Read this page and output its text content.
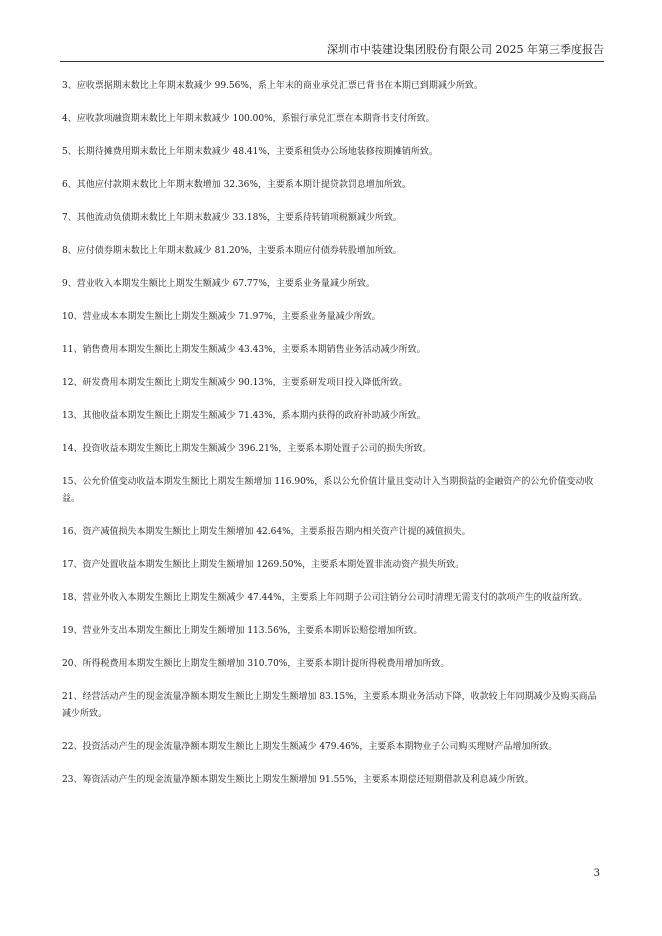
深圳市中装建设集团股份有限公司 2025 年第三季度报告

3、应收票据期末数比上年期末数减少 99.56%，系上年末的商业承兑汇票已背书在本期已到期减少所致。

4、应收款项融资期末数比上年期末数减少 100.00%，系银行承兑汇票在本期背书支付所致。

5、长期待摊费用期末数比上年期末数减少 48.41%，主要系租赁办公场地装修按期摊销所致。

6、其他应付款期末数比上年期末数增加 32.36%，主要系本期计提贷款罚息增加所致。

7、其他流动负债期末数比上年期末数减少 33.18%，主要系待转销项税额减少所致。

8、应付债券期末数比上年期末数减少 81.20%，主要系本期应付债券转股增加所致。

9、营业收入本期发生额比上期发生额减少 67.77%，主要系业务量减少所致。

10、营业成本本期发生额比上期发生额减少 71.97%，主要系业务量减少所致。

11、销售费用本期发生额比上期发生额减少 43.43%，主要系本期销售业务活动减少所致。

12、研发费用本期发生额比上期发生额减少 90.13%，主要系研发项目投入降低所致。

13、其他收益本期发生额比上期发生额减少 71.43%，系本期内获得的政府补助减少所致。

14、投资收益本期发生额比上期发生额减少 396.21%，主要系本期处置子公司的损失所致。

15、公允价值变动收益本期发生额比上期发生额增加 116.90%，系以公允价值计量且变动计入当期损益的金融资产的公允价值变动收益。

16、资产减值损失本期发生额比上期发生额增加 42.64%，主要系报告期内相关资产计提的减值损失。

17、资产处置收益本期发生额比上期发生额增加 1269.50%，主要系本期处置非流动资产损失所致。

18、营业外收入本期发生额比上期发生额减少 47.44%，主要系上年同期子公司注销分公司时清理无需支付的款项产生的收益所致。

19、营业外支出本期发生额比上期发生额增加 113.56%，主要系本期诉讼赔偿增加所致。

20、所得税费用本期发生额比上期发生额增加 310.70%，主要系本期计提所得税费用增加所致。

21、经营活动产生的现金流量净额本期发生额比上期发生额增加 83.15%，主要系本期业务活动下降，收款较上年同期减少及购买商品减少所致。

22、投资活动产生的现金流量净额本期发生额比上期发生额减少 479.46%，主要系本期物业子公司购买理财产品增加所致。

23、筹资活动产生的现金流量净额本期发生额比上期发生额增加 91.55%，主要系本期偿还短期借款及利息减少所致。

3
